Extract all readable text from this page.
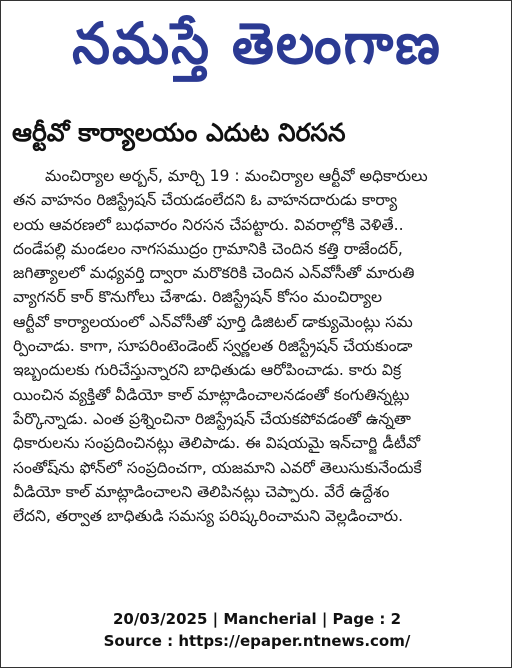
నమస్తే తెలంగాణ
ఆర్టీవో కార్యాలయం ఎదుట నిరసన
మంచిర్యాల అర్బన్, మార్చి 19 : మంచిర్యాల ఆర్టీవో అధికారులు
తన వాహనం రిజిస్ట్రేషన్ చేయడంలేదని ఓ వాహనదారుడు కార్యా
లయ ఆవరణలో బుధవారం నిరసన చేపట్టారు. వివరాల్లోకి వెళితే..
దండేపల్లి మండలం నాగసముద్రం గ్రామానికి చెందిన కత్తి రాజేందర్,
జగిత్యాలలో మధ్యవర్తి ద్వారా మరొకరికి చెందిన ఎన్‌వోసీతో మారుతి
వ్యాగనర్ కార్ కొనుగోలు చేశాడు. రిజిస్ట్రేషన్ కోసం మంచిర్యాల
ఆర్టీవో కార్యాలయంలో ఎన్‌వోసీతో పూర్తి డిజిటల్ డాక్యుమెంట్లు సమ
ర్పించాడు. కాగా, సూపరింటెండెంట్ స్వర్ణలత రిజిస్ట్రేషన్ చేయకుండా
ఇబ్బందులకు గురిచేస్తున్నారని బాధితుడు ఆరోపించాడు. కారు విక్ర
యించిన వ్యక్తితో వీడియో కాల్ మాట్లాడించాలనడంతో కంగుతిన్నట్లు
పేర్కొన్నాడు. ఎంత ప్రశ్నించినా రిజిస్ట్రేషన్ చేయకపోవడంతో ఉన్నతా
ధికారులను సంప్రదించినట్లు తెలిపాడు. ఈ విషయమై ఇన్‌చార్జి డీటీవో
సంతోష్‌ను ఫోన్‌లో సంప్రదించగా, యజమాని ఎవరో తెలుసుకునేందుకే
వీడియో కాల్ మాట్లాడించాలని తెలిపినట్లు చెప్పారు. వేరే ఉద్దేశం
లేదని, తర్వాత బాధితుడి సమస్య పరిష్కరించామని వెల్లడించారు.
20/03/2025 | Mancherial | Page : 2
Source : https://epaper.ntnews.com/
